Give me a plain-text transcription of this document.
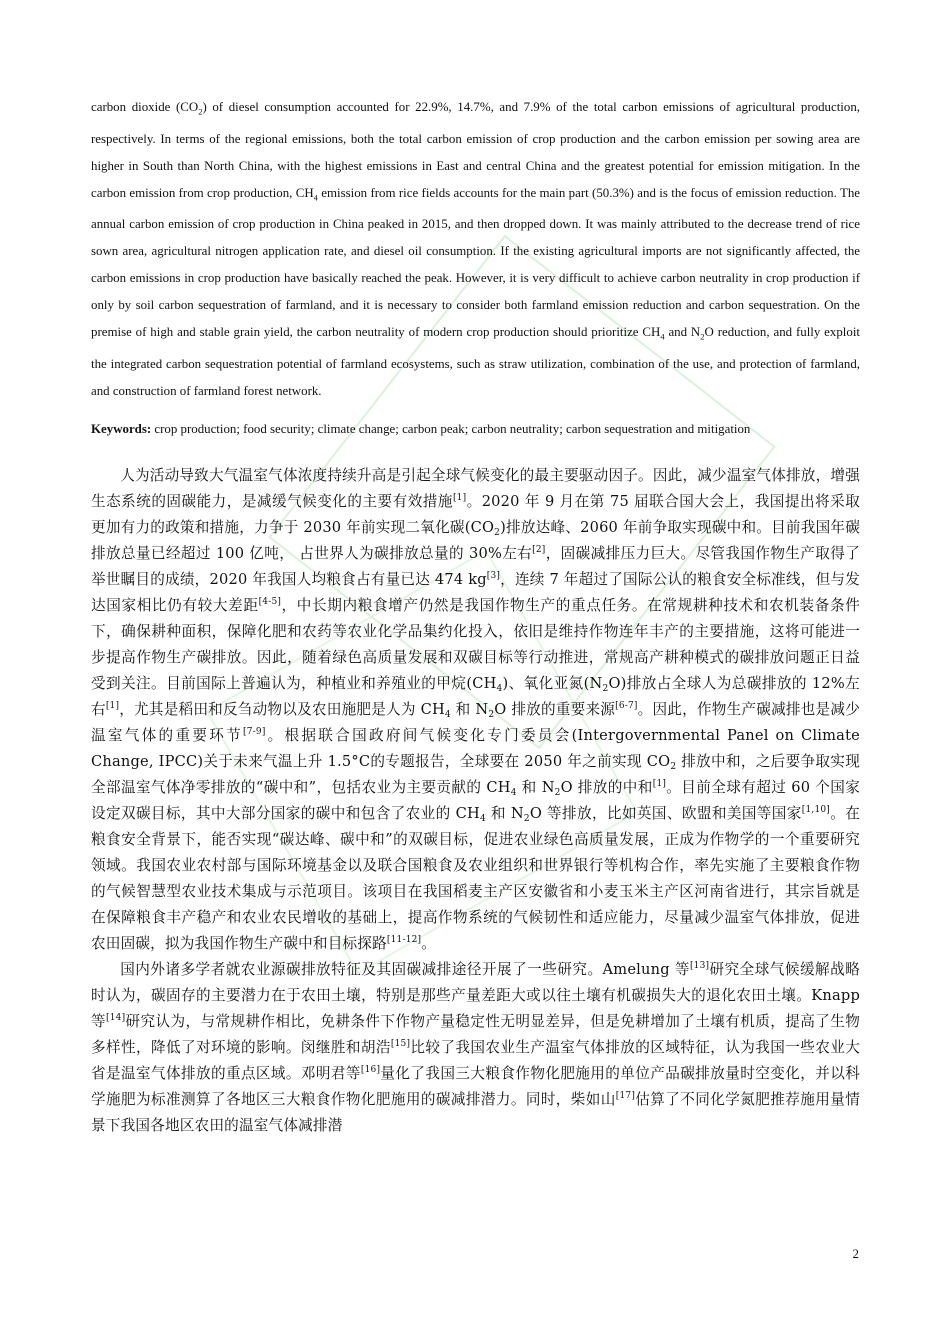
carbon dioxide $(CO_2)$ of diesel consumption accounted for 22.9%, 14.7%, and 7.9% of the total carbon emissions of agricultural production, respectively. In terms of the regional emissions, both the total carbon emission of crop production and the carbon emission per sowing area are higher in South than North China, with the highest emissions in East and central China and the greatest potential for emission mitigation. In the carbon emission from crop production, $CH_4$ emission from rice fields accounts for the main part (50.3%) and is the focus of emission reduction. The annual carbon emission of crop production in China peaked in 2015, and then dropped down. It was mainly attributed to the decrease trend of rice sown area, agricultural nitrogen application rate, and diesel oil consumption. If the existing agricultural imports are not significantly affected, the carbon emissions in crop production have basically reached the peak. However, it is very difficult to achieve carbon neutrality in crop production if only by soil carbon sequestration of farmland, and it is necessary to consider both farmland emission reduction and carbon sequestration. On the premise of high and stable grain yield, the carbon neutrality of modern crop production should prioritize $CH_4$ and $N_2O$ reduction, and fully exploit the integrated carbon sequestration potential of farmland ecosystems, such as straw utilization, combination of the use, and protection of farmland, and construction of farmland forest network.
Keywords: crop production; food security; climate change; carbon peak; carbon neutrality; carbon sequestration and mitigation

人为活动导致大气温室气体浓度持续升高是引起全球气候变化的最主要驱动因子。因此，减少温室气体排放，增强生态系统的固碳能力，是减缓气候变化的主要有效措施[1]。2020 年 9 月在第 75 届联合国大会上，我国提出将采取更加有力的政策和措施，力争于 2030 年前实现二氧化碳$(CO_2)$排放达峰、2060 年前争取实现碳中和。目前我国年碳排放总量已经超过 100 亿吨， 占世界人为碳排放总量的 30%左右[2]，固碳减排压力巨大。尽管我国作物生产取得了举世瞩目的成绩，2020 年我国人均粮食占有量已达 474 kg[3]，连续 7 年超过了国际公认的粮食安全标准线，但与发达国家相比仍有较大差距[4-5]，中长期内粮食增产仍然是我国作物生产的重点任务。在常规耕种技术和农机装备条件下，确保耕种面积，保障化肥和农药等农业化学品集约化投入，依旧是维持作物连年丰产的主要措施，这将可能进一步提高作物生产碳排放。因此，随着绿色高质量发展和双碳目标等行动推进，常规高产耕种模式的碳排放问题正日益受到关注。目前国际上普遍认为，种植业和养殖业的甲烷$(CH_4)$、氧化亚氮$(N_2O)$排放占全球人为总碳排放的 12%左右[1]，尤其是稻田和反刍动物以及农田施肥是人为 $CH_4$ 和 $N_2O$ 排放的重要来源[6-7]。因此，作物生产碳减排也是减少温室气体的重要环节[7-9]。根据联合国政府间气候变化专门委员会(Intergovernmental Panel on Climate Change, IPCC)关于未来气温上升 1.5°C的专题报告，全球要在 2050 年之前实现 $CO_2$ 排放中和，之后要争取实现全部温室气体净零排放的“碳中和”，包括农业为主要贡献的 $CH_4$ 和 $N_2O$ 排放的中和[1]。目前全球有超过 60 个国家设定双碳目标，其中大部分国家的碳中和包含了农业的 $CH_4$ 和 $N_2O$ 等排放，比如英国、欧盟和美国等国家[1,10]。在粮食安全背景下，能否实现“碳达峰、碳中和”的双碳目标，促进农业绿色高质量发展，正成为作物学的一个重要研究领域。我国农业农村部与国际环境基金以及联合国粮食及农业组织和世界银行等机构合作，率先实施了主要粮食作物的气候智慧型农业技术集成与示范项目。该项目在我国稻麦主产区安徽省和小麦玉米主产区河南省进行，其宗旨就是在保障粮食丰产稳产和农业农民增收的基础上，提高作物系统的气候韧性和适应能力，尽量减少温室气体排放，促进农田固碳，拟为我国作物生产碳中和目标探路[11-12]。

国内外诸多学者就农业源碳排放特征及其固碳减排途径开展了一些研究。Amelung 等[13]研究全球气候缓解战略时认为，碳固存的主要潜力在于农田土壤，特别是那些产量差距大或以往土壤有机碳损失大的退化农田土壤。Knapp 等[14]研究认为，与常规耕作相比，免耕条件下作物产量稳定性无明显差异，但是免耕增加了土壤有机质，提高了生物多样性，降低了对环境的影响。闵继胜和胡浩[15]比较了我国农业生产温室气体排放的区域特征，认为我国一些农业大省是温室气体排放的重点区域。邓明君等[16]量化了我国三大粮食作物化肥施用的单位产品碳排放量时空变化，并以科学施肥为标准测算了各地区三大粮食作物化肥施用的碳减排潜力。同时，柴如山[17]估算了不同化学氮肥推荐施用量情景下我国各地区农田的温室气体减排潜

2
